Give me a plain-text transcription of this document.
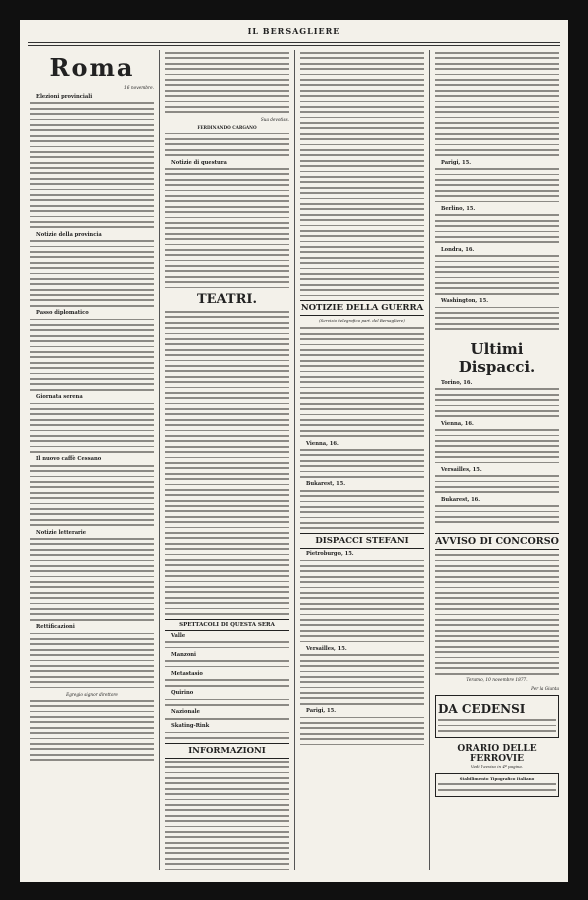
IL BERSAGLIERE
Roma
16 novembre.

Elezioni provinciali

Notizie della provincia

Passo diplomatico

Giornata serena

Il nuovo caffè Cessano

Notizie letterarie

Rettificazioni

Egregio signor direttore
Sua devotiss.
FERDINANDO CARGANO

Notizie di questura

TEATRI.
SPETTACOLI DI QUESTA SERA

Valle

Manzoni

Metastasio

Quirino

Nazionale

Skating-Rink

INFORMAZIONI
NOTIZIE DELLA GUERRA
(Servizio telegrafico part. del Bersagliere)

Vienna, 16.

Bukarest, 15.

DISPACCI STEFANI

Pietroburgo, 15.

Versailles, 15.

Parigi, 15.

Parigi, 15.

Berlino, 15.

Londra, 16.

Washington, 15.

Ultimi Dispacci.

Torino, 16.

Vienna, 16.

Versailles, 15.

Bukarest, 16.

AVVISO DI CONCORSO
Teramo, 10 novembre 1877.
Per la Giunta
DA CEDENSI
ORARIO DELLE FERROVIE
Vedi l'avviso in 4ª pagina.
Stabilimento Tipografico Italiano
